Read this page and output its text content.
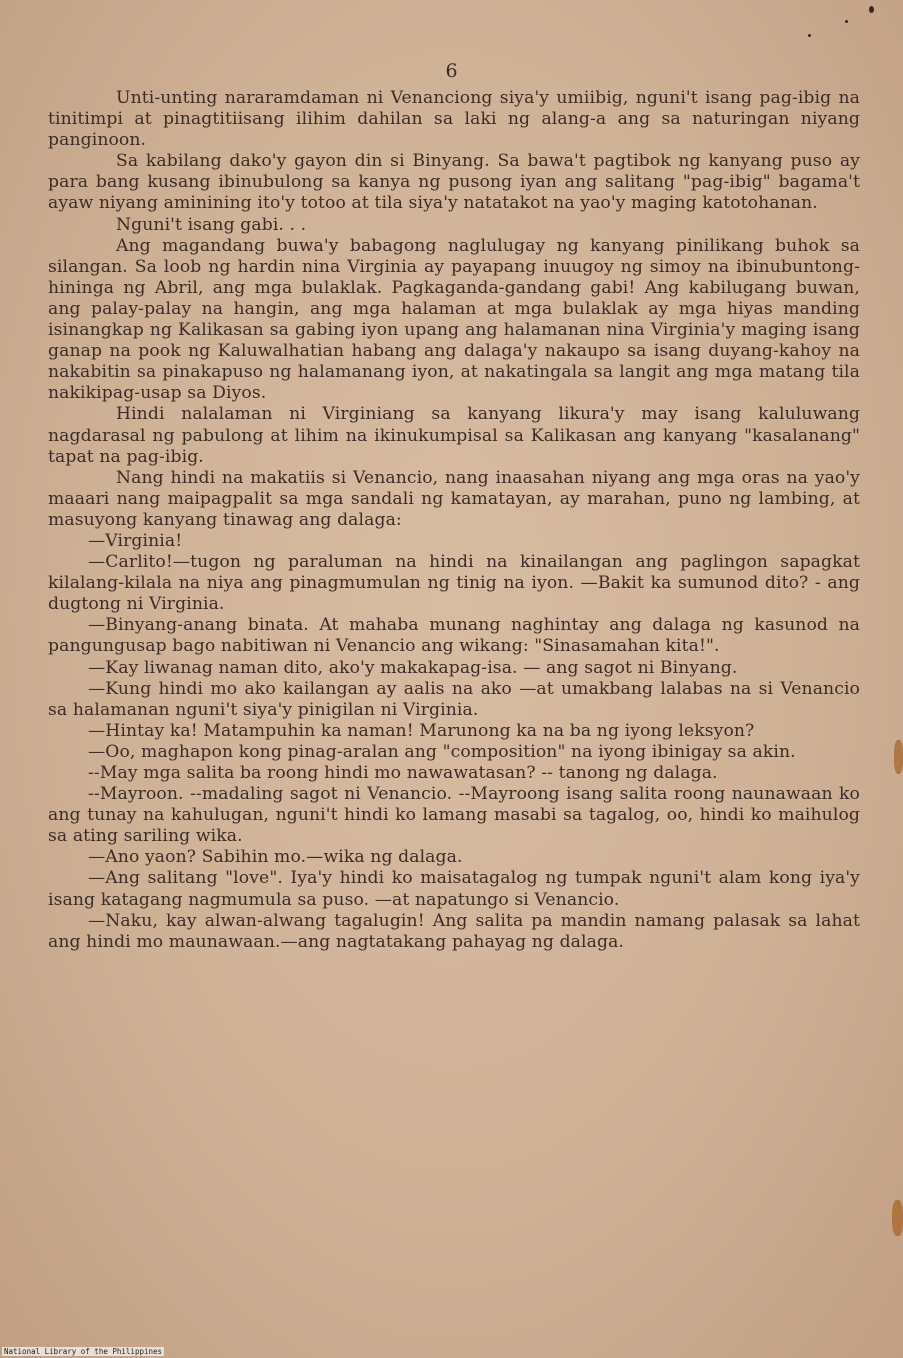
6

Unti-unting nararamdaman ni Venanciong siya'y umiibig, nguni't isang pag-ibig na tinitimpi at pinagtitiisang ilihim dahilan sa laki ng alang-a ang sa naturingan niyang panginoon.

Sa kabilang dako'y gayon din si Binyang. Sa bawa't pagtibok ng kanyang puso ay para bang kusang ibinubulong sa kanya ng pusong iyan ang salitang "pag-ibig" bagama't ayaw niyang aminining ito'y totoo at tila siya'y natatakot na yao'y maging katotohanan.

Nguni't isang gabi. . .

Ang magandang buwa'y babagong naglulugay ng kanyang pinilikang buhok sa silangan. Sa loob ng hardin nina Virginia ay payapang inuugoy ng simoy na ibinubuntong-hininga ng Abril, ang mga bulaklak. Pagkaganda-gandang gabi! Ang kabilugang buwan, ang palay-palay na hangin, ang mga halaman at mga bulaklak ay mga hiyas manding isinangkap ng Kalikasan sa gabing iyon upang ang halamanan nina Virginia'y maging isang ganap na pook ng Kaluwalhatian habang ang dalaga'y nakaupo sa isang duyang-kahoy na nakabitin sa pinakapuso ng halamanang iyon, at nakatingala sa langit ang mga matang tila nakikipag-usap sa Diyos.

Hindi nalalaman ni Virginiang sa kanyang likura'y may isang kaluluwang nagdarasal ng pabulong at lihim na ikinukumpisal sa Kalikasan ang kanyang "kasalanang" tapat na pag-ibig.

Nang hindi na makatiis si Venancio, nang inaasahan niyang ang mga oras na yao'y maaari nang maipagpalit sa mga sandali ng kamatayan, ay marahan, puno ng lambing, at masuyong kanyang tinawag ang dalaga:

—Virginia!

—Carlito!—tugon ng paraluman na hindi na kinailangan ang paglingon sapagkat kilalang-kilala na niya ang pinagmumulan ng tinig na iyon. —Bakit ka sumunod dito? - ang dugtong ni Virginia.

—Binyang-anang binata. At mahaba munang naghintay ang dalaga ng kasunod na pangungusap bago nabitiwan ni Venancio ang wikang: "Sinasamahan kita!".

—Kay liwanag naman dito, ako'y makakapag-isa. — ang sagot ni Binyang.

—Kung hindi mo ako kailangan ay aalis na ako —at umakbang lalabas na si Venancio sa halamanan nguni't siya'y pinigilan ni Virginia.

—Hintay ka! Matampuhin ka naman! Marunong ka na ba ng iyong leksyon?

—Oo, maghapon kong pinag-aralan ang "composition" na iyong ibinigay sa akin.

--May mga salita ba roong hindi mo nawawatasan? -- tanong ng dalaga.

--Mayroon. --madaling sagot ni Venancio. --Mayroong isang salita roong naunawaan ko ang tunay na kahulugan, nguni't hindi ko lamang masabi sa tagalog, oo, hindi ko maihulog sa ating sariling wika.

—Ano yaon? Sabihin mo.—wika ng dalaga.

—Ang salitang "love". Iya'y hindi ko maisatagalog ng tumpak nguni't alam kong iya'y isang katagang nagmumula sa puso. —at napatungo si Venancio.

—Naku, kay alwan-alwang tagalugin! Ang salita pa mandin namang palasak sa lahat ang hindi mo maunawaan.—ang nagtatakang pahayag ng dalaga.

National Library of the Philippines
